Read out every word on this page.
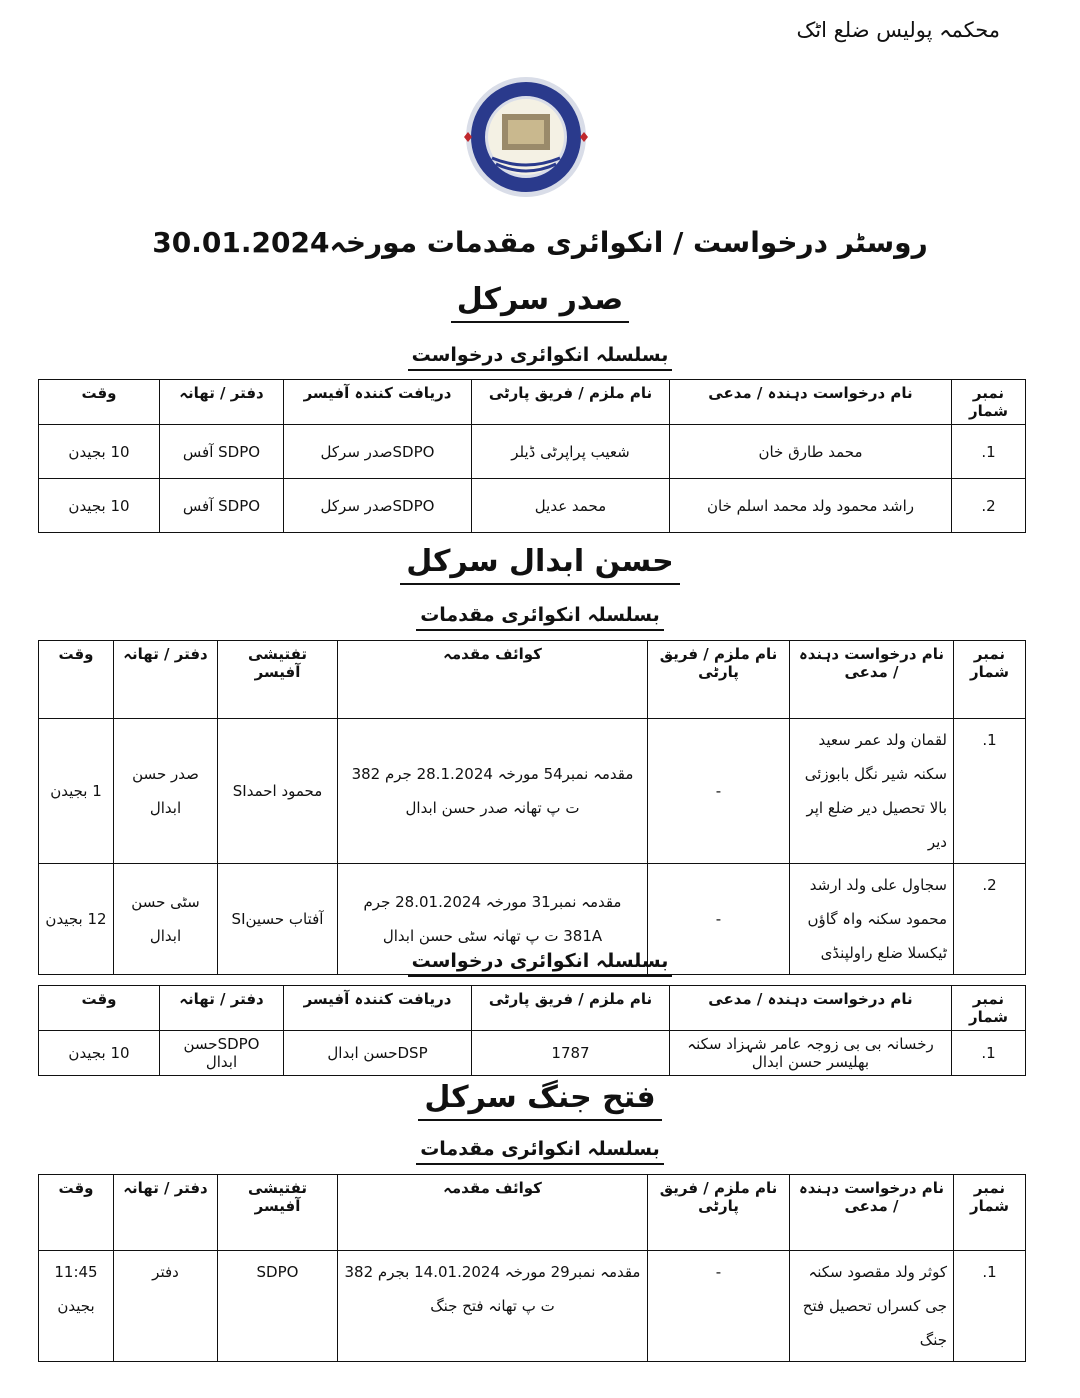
محکمہ پولیس ضلع اٹک
روسٹر درخواست / انکوائری مقدمات مورخہ30.01.2024
صدر سرکل
بسلسلہ انکوائری درخواست
نمبر شمار	نام درخواست دہندہ / مدعی	نام ملزم / فریق پارٹی	دریافت کنندہ آفیسر	دفتر / تھانہ	وقت
1.	محمد طارق خان	شعیب پراپرٹی ڈیلر	SDPOصدر سرکل	SDPO آفس	10 بجیدن
2.	راشد محمود ولد محمد اسلم خان	محمد عدیل	SDPOصدر سرکل	SDPO آفس	10 بجیدن
حسن ابدال سرکل
بسلسلہ انکوائری مقدمات
نمبر شمار	نام درخواست دہندہ / مدعی	نام ملزم / فریق پارٹی	کوائف مقدمہ	تفتیشی آفیسر	دفتر / تھانہ	وقت
1.	لقمان ولد عمر سعید سکنہ شیر نگل بابوزئی بالا تحصیل دیر ضلع اپر دیر	-	مقدمہ نمبر54 مورخہ 28.1.2024 جرم 382 ت پ تھانہ صدر حسن ابدال	محمود احمدSI	صدر حسن ابدال	1 بجیدن
2.	سجاول علی ولد ارشد محمود سکنہ واہ گاؤں ٹیکسلا ضلع راولپنڈی	-	مقدمہ نمبر31 مورخہ 28.01.2024 جرم 381A ت پ تھانہ سٹی حسن ابدال	آفتاب حسینSI	سٹی حسن ابدال	12 بجیدن
بسلسلہ انکوائری درخواست
نمبر شمار	نام درخواست دہندہ / مدعی	نام ملزم / فریق پارٹی	دریافت کنندہ آفیسر	دفتر / تھانہ	وقت
1.	رخسانہ بی بی زوجہ عامر شہزاد سکنہ بھلیسر حسن ابدال	1787	DSPحسن ابدال	SDPOحسن ابدال	10 بجیدن
فتح جنگ سرکل
بسلسلہ انکوائری مقدمات
نمبر شمار	نام درخواست دہندہ / مدعی	نام ملزم / فریق پارٹی	کوائف مقدمہ	تفتیشی آفیسر	دفتر / تھانہ	وقت
1.	کوثر ولد مقصود سکنہ جی کسراں تحصیل فتح جنگ	-	مقدمہ نمبر29 مورخہ 14.01.2024 بجرم 382 ت پ تھانہ فتح جنگ	SDPO	دفتر	11:45 بجیدن
